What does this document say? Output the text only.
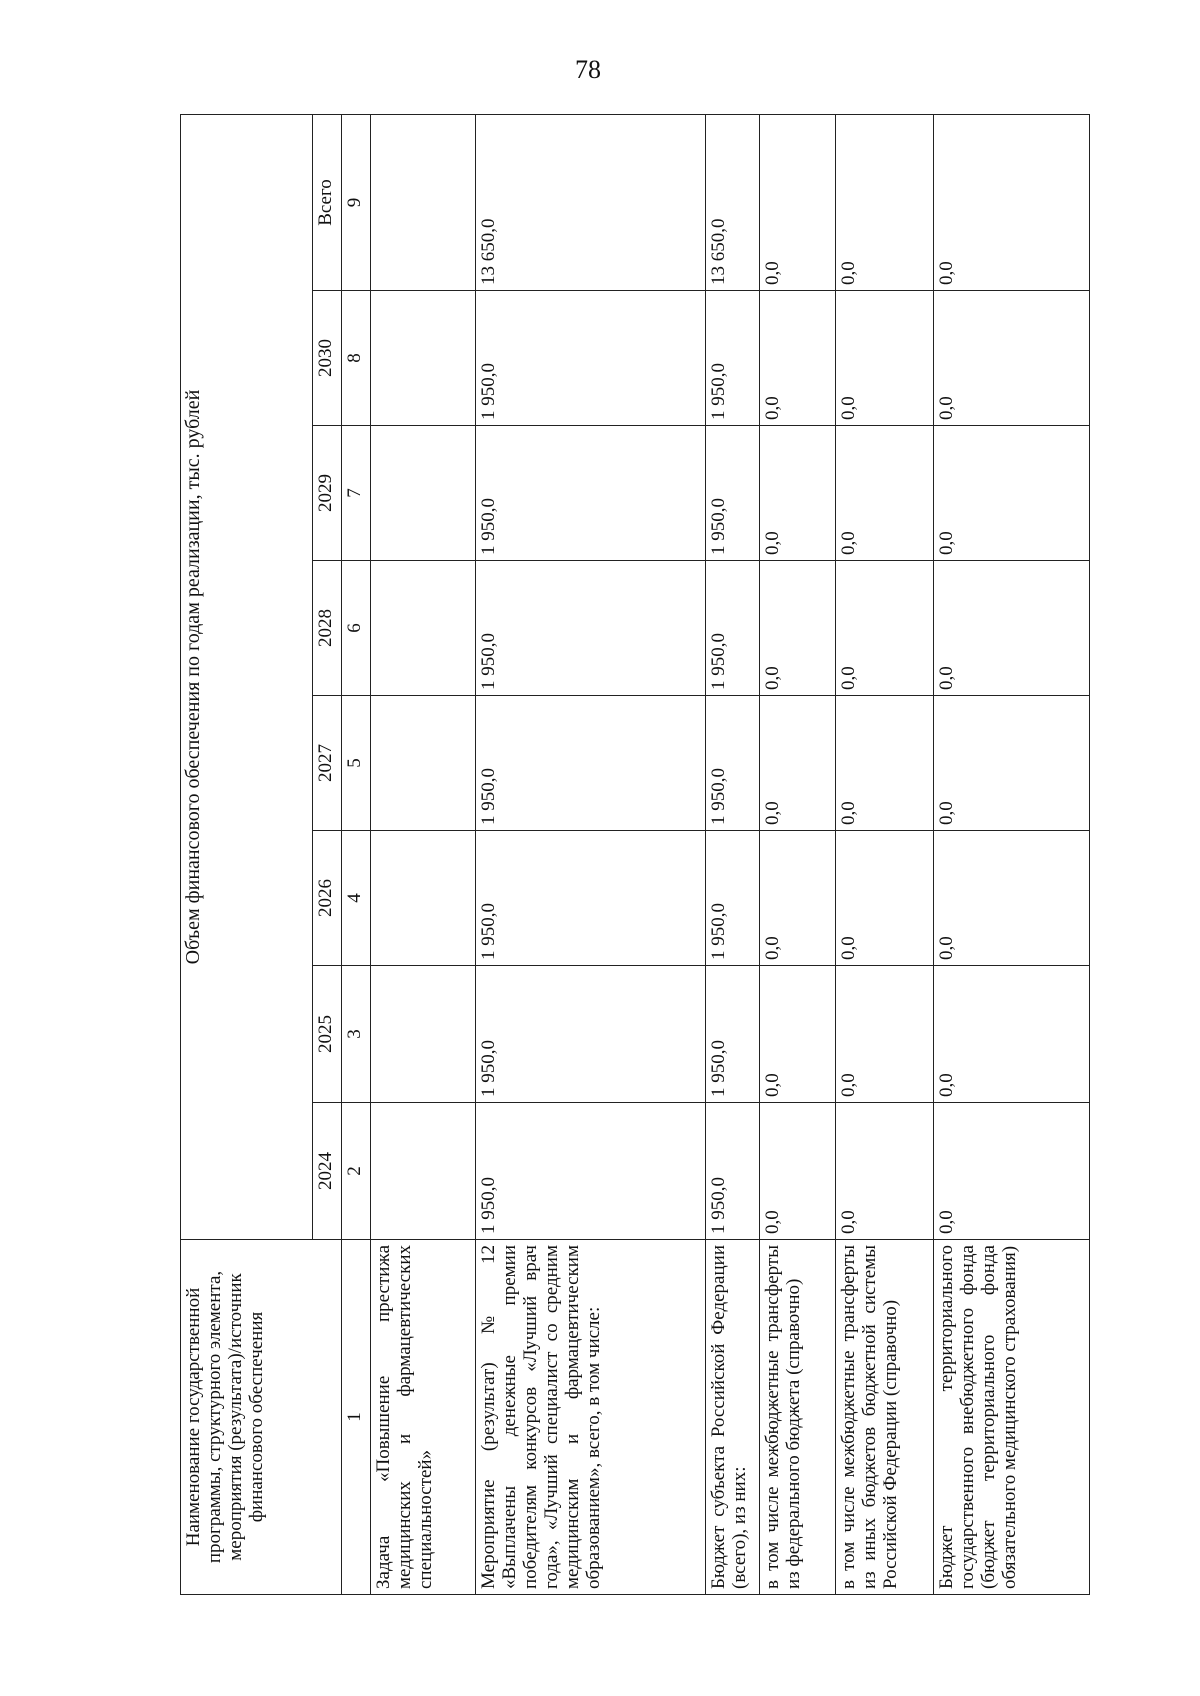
78
Наименование государственной программы, структурного элемента, мероприятия (результата)/источник финансового обеспечения	Объем финансового обеспечения по годам реализации, тыс. рублей							
	2024	2025	2026	2027	2028	2029	2030	Всего
1	2	3	4	5	6	7	8	9
Задача «Повышение престижа медицинских и фармацевтических специальностей»								
Мероприятие (результат) № 12 «Выплачены денежные премии победителям конкурсов «Лучший врач года», «Лучший специалист со средним медицинским и фармацевтическим образованием», всего, в том числе:	1 950,0	1 950,0	1 950,0	1 950,0	1 950,0	1 950,0	1 950,0	13 650,0
Бюджет субъекта Российской Федерации (всего), из них:	1 950,0	1 950,0	1 950,0	1 950,0	1 950,0	1 950,0	1 950,0	13 650,0
в том числе межбюджетные трансферты из федерального бюджета (справочно)	0,0	0,0	0,0	0,0	0,0	0,0	0,0	0,0
в том числе межбюджетные трансферты из иных бюджетов бюджетной системы Российской Федерации (справочно)	0,0	0,0	0,0	0,0	0,0	0,0	0,0	0,0
Бюджет территориального государственного внебюджетного фонда (бюджет территориального фонда обязательного медицинского страхования)	0,0	0,0	0,0	0,0	0,0	0,0	0,0	0,0
